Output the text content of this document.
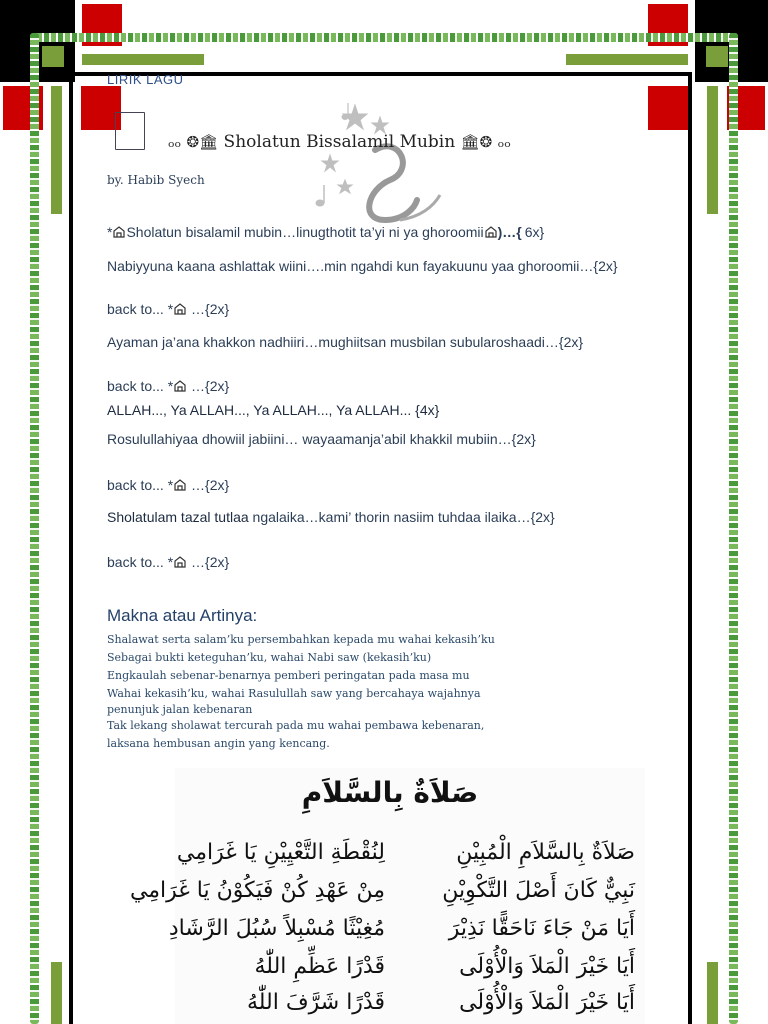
LIRIK LAGU
ₒₒ ❂🏛 Sholatun Bissalamil Mubin 🏛❂ ₒₒ
by. Habib Syech
* Sholatun bisalamil mubin…linugthotit ta’yi ni ya ghoroomii )…{ 6x}
Nabiyyuna kaana ashlattak wiini….min ngahdi kun fayakuunu yaa ghoroomii…{2x}
back to... * …{2x}
Ayaman ja’ana khakkon nadhiiri…mughiitsan musbilan subularoshaadi…{2x}
back to... * …{2x}
ALLAH..., Ya ALLAH..., Ya ALLAH..., Ya ALLAH... {4x}
Rosulullahiyaa dhowiil jabiini… wayaamanja’abil khakkil mubiin…{2x}
back to... * …{2x}
Sholatulam tazal tutlaa ngalaika…kami’ thorin nasiim tuhdaa ilaika…{2x}
back to... * …{2x}
Makna atau Artinya:
Shalawat serta salam’ku persembahkan kepada mu wahai kekasih’ku
Sebagai bukti keteguhan’ku, wahai Nabi saw (kekasih’ku)
Engkaulah sebenar-benarnya pemberi peringatan pada masa mu
Wahai kekasih’ku, wahai Rasulullah saw yang bercahaya wajahnya
penunjuk jalan kebenaran
Tak lekang sholawat tercurah pada mu wahai pembawa kebenaran,
laksana hembusan angin yang kencang.
صَلاَةٌ بِالسَّلاَمِ
صَلاَةٌ بِالسَّلاَمِ الْمُبِيْنِ
نَبِيٌّ كَانَ أَصْلَ التَّكْوِيْنِ
أَيَا مَنْ جَاءَ نَاحَقًّا نَذِيْرَ
أَيَا خَيْرَ الْمَلاَ وَالْأُوْلَى
أَيَا خَيْرَ الْمَلاَ وَالْأُوْلَى
لِنُقْطَةِ التَّعْيِيْنِ يَا غَرَامِي
مِنْ عَهْدِ كُنْ فَيَكُوْنُ يَا غَرَامِي
مُغِيْثًا مُسْبِلاً سُبُلَ الرَّشَادِ
قَدْرًا عَظِّمِ اللّٰهُ
قَدْرًا شَرَّفَ اللّٰهُ
